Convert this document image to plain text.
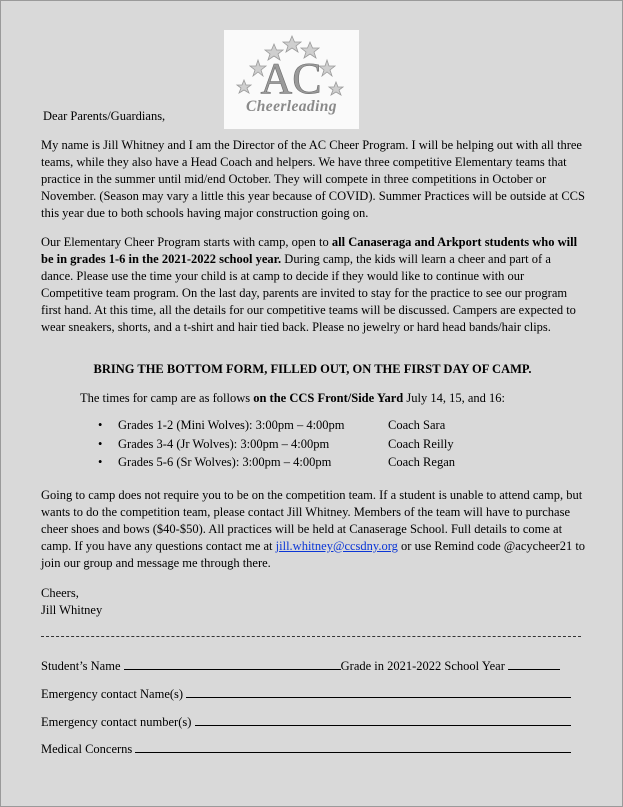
AC
Cheerleading
Dear Parents/Guardians,

My name is Jill Whitney and I am the Director of the AC Cheer Program. I will be helping out with all three teams, while they also have a Head Coach and helpers. We have three competitive Elementary teams that practice in the summer until mid/end October. They will compete in three competitions in October or November. (Season may vary a little this year because of COVID). Summer Practices will be outside at CCS this year due to both schools having major construction going on.

Our Elementary Cheer Program starts with camp, open to all Canaseraga and Arkport students who will be in grades 1-6 in the 2021-2022 school year. During camp, the kids will learn a cheer and part of a dance. Please use the time your child is at camp to decide if they would like to continue with our Competitive team program. On the last day, parents are invited to stay for the practice to see our program first hand. At this time, all the details for our competitive teams will be discussed. Campers are expected to wear sneakers, shorts, and a t-shirt and hair tied back. Please no jewelry or hard head bands/hair clips.

BRING THE BOTTOM FORM, FILLED OUT, ON THE FIRST DAY OF CAMP.
The times for camp are as follows on the CCS Front/Side Yard July 14, 15, and 16:
• Grades 1-2 (Mini Wolves): 3:00pm – 4:00pm	Coach Sara
• Grades 3-4 (Jr Wolves): 3:00pm – 4:00pm	Coach Reilly
• Grades 5-6 (Sr Wolves): 3:00pm – 4:00pm	Coach Regan

Going to camp does not require you to be on the competition team. If a student is unable to attend camp, but wants to do the competition team, please contact Jill Whitney. Members of the team will have to purchase cheer shoes and bows ($40-$50). All practices will be held at Canaserage School. Full details to come at camp. If you have any questions contact me at jill.whitney@ccsdny.org or use Remind code @acycheer21 to join our group and message me through there.

Cheers,
Jill Whitney
Student’s Name	Grade in 2021-2022 School Year
Emergency contact Name(s)
Emergency contact number(s)
Medical Concerns
